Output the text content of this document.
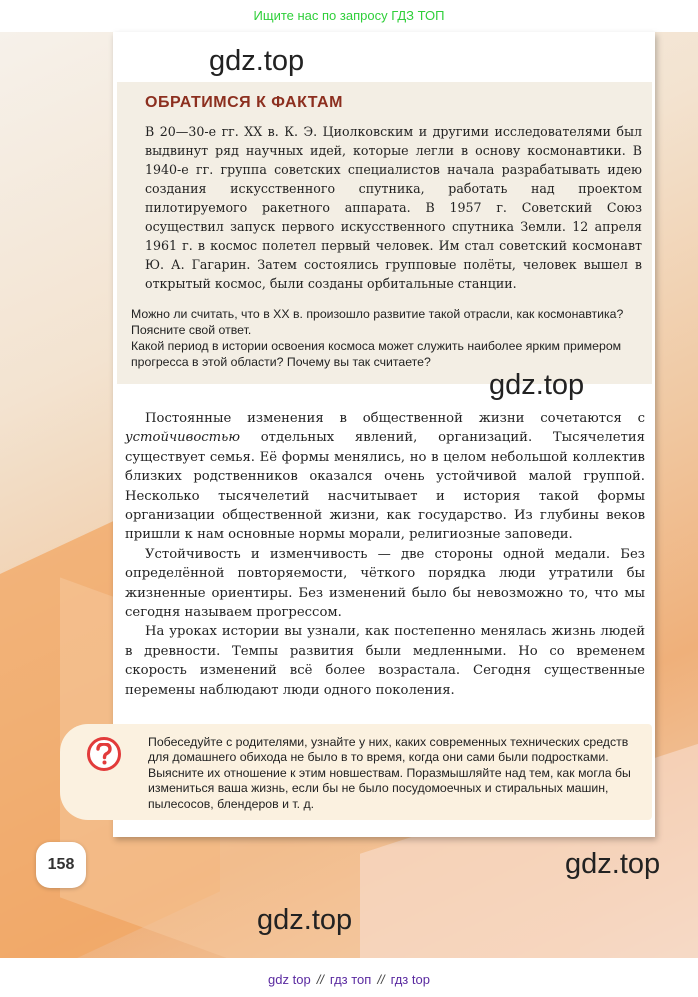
Ищите нас по запросу ГДЗ ТОП
ОБРАТИМСЯ К ФАКТАМ

В 20—30-е гг. XX в. К. Э. Циолковским и другими исследователями был выдвинут ряд научных идей, которые легли в основу космонавтики. В 1940-е гг. группа советских специалистов начала разрабатывать идею создания искусственного спутника, работать над проектом пилотируемого ракетного аппарата. В 1957 г. Советский Союз осуществил запуск первого искусственного спутника Земли. 12 апреля 1961 г. в космос полетел первый человек. Им стал советский космонавт Ю. А. Гагарин. Затем состоялись групповые полёты, человек вышел в открытый космос, были созданы орбитальные станции.

Можно ли считать, что в XX в. произошло развитие такой отрасли, как космонавтика? Поясните свой ответ.

Какой период в истории освоения космоса может служить наиболее ярким примером прогресса в этой области? Почему вы так считаете?

Постоянные изменения в общественной жизни сочетаются с устойчивостью отдельных явлений, организаций. Тысячелетия существует семья. Её формы менялись, но в целом небольшой коллектив близких родственников оказался очень устойчивой малой группой. Несколько тысячелетий насчитывает и история такой формы организации общественной жизни, как государство. Из глубины веков пришли к нам основные нормы морали, религиозные заповеди.

Устойчивость и изменчивость — две стороны одной медали. Без определённой повторяемости, чёткого порядка люди утратили бы жизненные ориентиры. Без изменений было бы невозможно то, что мы сегодня называем прогрессом.

На уроках истории вы узнали, как постепенно менялась жизнь людей в древности. Темпы развития были медленными. Но со временем скорость изменений всё более возрастала. Сегодня существенные перемены наблюдают люди одного поколения.

Побеседуйте с родителями, узнайте у них, каких современных технических средств для домашнего обихода не было в то время, когда они сами были подростками. Выясните их отношение к этим новшествам. Поразмышляйте над тем, как могла бы измениться ваша жизнь, если бы не было посудомоечных и стиральных машин, пылесосов, блендеров и т. д.
158
gdz.top
gdz.top
gdz.top
gdz.top
gdz top // гдз топ // гдз top
